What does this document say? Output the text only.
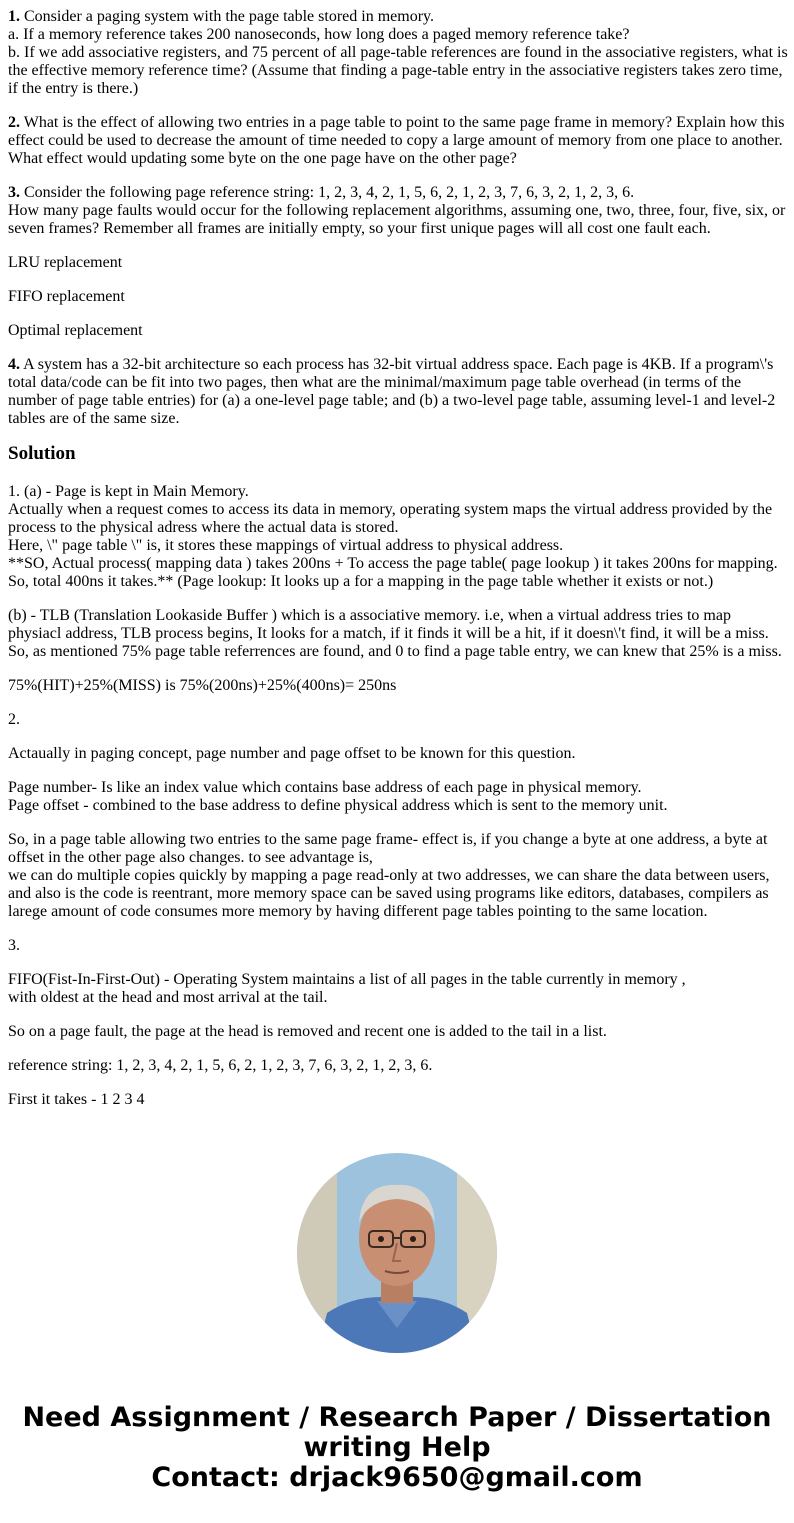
1. Consider a paging system with the page table stored in memory.
a. If a memory reference takes 200 nanoseconds, how long does a paged memory reference take?
b. If we add associative registers, and 75 percent of all page-table references are found in the associative registers, what is the effective memory reference time? (Assume that finding a page-table entry in the associative registers takes zero time, if the entry is there.)

2. What is the effect of allowing two entries in a page table to point to the same page frame in memory? Explain how this effect could be used to decrease the amount of time needed to copy a large amount of memory from one place to another. What effect would updating some byte on the one page have on the other page?

3. Consider the following page reference string: 1, 2, 3, 4, 2, 1, 5, 6, 2, 1, 2, 3, 7, 6, 3, 2, 1, 2, 3, 6.
How many page faults would occur for the following replacement algorithms, assuming one, two, three, four, five, six, or seven frames? Remember all frames are initially empty, so your first unique pages will all cost one fault each.

LRU replacement

FIFO replacement

Optimal replacement

4. A system has a 32-bit architecture so each process has 32-bit virtual address space. Each page is 4KB. If a program\'s total data/code can be fit into two pages, then what are the minimal/maximum page table overhead (in terms of the number of page table entries) for (a) a one-level page table; and (b) a two-level page table, assuming level-1 and level-2 tables are of the same size.

Solution

1. (a) - Page is kept in Main Memory.
Actually when a request comes to access its data in memory, operating system maps the virtual address provided by the process to the physical adress where the actual data is stored.
Here, \" page table \" is, it stores these mappings of virtual address to physical address.
**SO, Actual process( mapping data ) takes 200ns + To access the page table( page lookup ) it takes 200ns for mapping. So, total 400ns it takes.** (Page lookup: It looks up a for a mapping in the page table whether it exists or not.)

(b) - TLB (Translation Lookaside Buffer ) which is a associative memory. i.e, when a virtual address tries to map physiacl address, TLB process begins, It looks for a match, if it finds it will be a hit, if it doesn\'t find, it will be a miss. So, as mentioned 75% page table referrences are found, and 0 to find a page table entry, we can knew that 25% is a miss.

75%(HIT)+25%(MISS) is 75%(200ns)+25%(400ns)= 250ns

2.

Actaually in paging concept, page number and page offset to be known for this question.

Page number- Is like an index value which contains base address of each page in physical memory.
Page offset - combined to the base address to define physical address which is sent to the memory unit.

So, in a page table allowing two entries to the same page frame- effect is, if you change a byte at one address, a byte at offset in the other page also changes. to see advantage is,
we can do multiple copies quickly by mapping a page read-only at two addresses, we can share the data between users, and also is the code is reentrant, more memory space can be saved using programs like editors, databases, compilers as larege amount of code consumes more memory by having different page tables pointing to the same location.

3.

FIFO(Fist-In-First-Out) - Operating System maintains a list of all pages in the table currently in memory ,
with oldest at the head and most arrival at the tail.

So on a page fault, the page at the head is removed and recent one is added to the tail in a list.

reference string: 1, 2, 3, 4, 2, 1, 5, 6, 2, 1, 2, 3, 7, 6, 3, 2, 1, 2, 3, 6.

First it takes - 1 2 3 4

Need Assignment / Research Paper / Dissertation
writing Help
Contact: drjack9650@gmail.com
